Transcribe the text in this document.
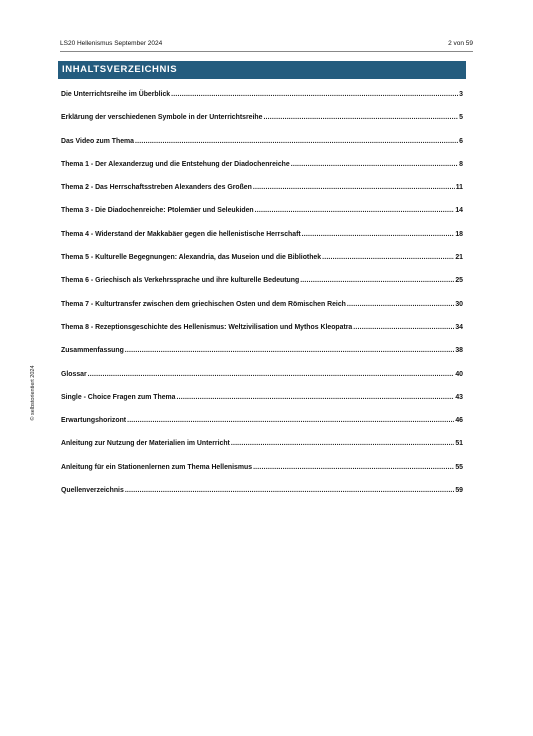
LS20 Hellenismus September 2024	2 von 59
INHALTSVERZEICHNIS
Die Unterrichtsreihe im Überblick .....	3
Erklärung der verschiedenen Symbole in der Unterrichtsreihe .....	5
Das Video zum Thema .....	6
Thema 1 - Der Alexanderzug und die Entstehung der Diadochenreiche .....	8
Thema 2 - Das Herrschaftsstreben Alexanders des Großen .....	11
Thema 3 - Die Diadochenreiche: Ptolemäer und Seleukiden .....	14
Thema 4 - Widerstand der Makkabäer gegen die hellenistische Herrschaft .....	18
Thema 5 - Kulturelle Begegnungen: Alexandria, das Museion und die Bibliothek .....	21
Thema 6 - Griechisch als Verkehrssprache und ihre kulturelle Bedeutung .....	25
Thema 7 - Kulturtransfer zwischen dem griechischen Osten und dem Römischen Reich .....	30
Thema 8 - Rezeptionsgeschichte des Hellenismus: Weltzivilisation und Mythos Kleopatra .....	34
Zusammenfassung .....	38
Glossar .....	40
Single - Choice Fragen zum Thema .....	43
Erwartungshorizont .....	46
Anleitung zur Nutzung der Materialien im Unterricht .....	51
Anleitung für ein Stationenlernen zum Thema Hellenismus .....	55
Quellenverzeichnis .....	59
© selbstorientiert 2024
